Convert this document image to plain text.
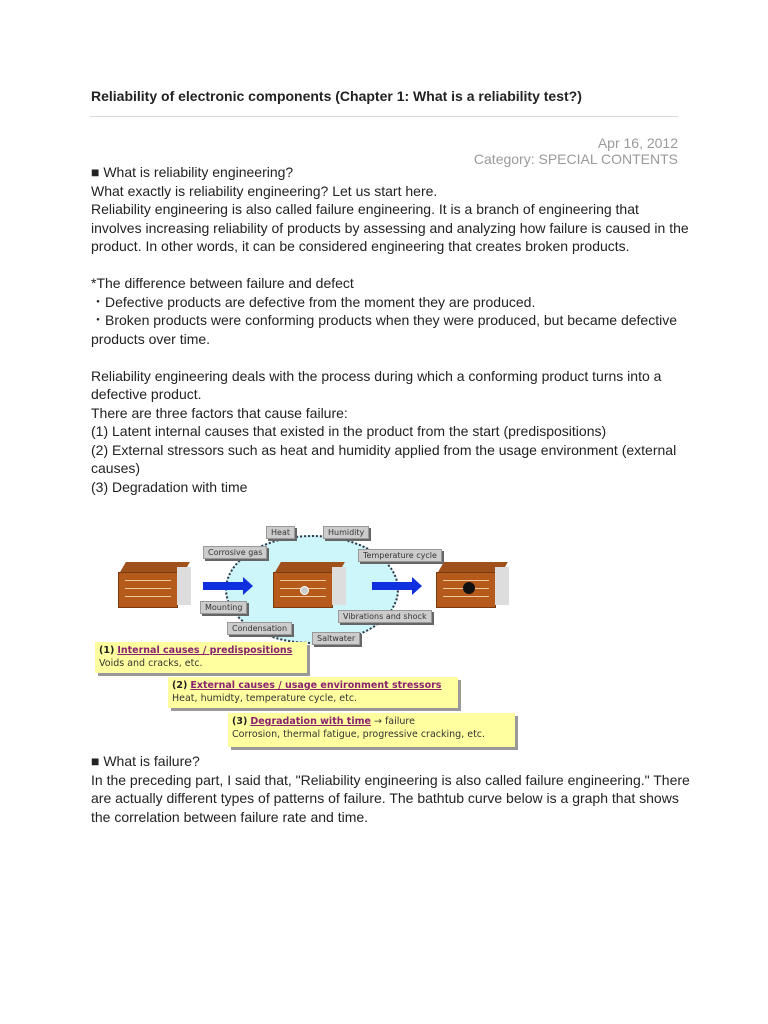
Reliability of electronic components (Chapter 1: What is a reliability test?)
Apr 16, 2012
Category: SPECIAL CONTENTS

■ What is reliability engineering?

What exactly is reliability engineering? Let us start here.

Reliability engineering is also called failure engineering. It is a branch of engineering that involves increasing reliability of products by assessing and analyzing how failure is caused in the product. In other words, it can be considered engineering that creates broken products.

*The difference between failure and defect

・Defective products are defective from the moment they are produced.

・Broken products were conforming products when they were produced, but became defective products over time.

Reliability engineering deals with the process during which a conforming product turns into a defective product.

There are three factors that cause failure:

(1) Latent internal causes that existed in the product from the start (predispositions)

(2) External stressors such as heat and humidity applied from the usage environment (external causes)

(3) Degradation with time

Heat	Humidity
Corrosive gas	Temperature cycle
Mounting
Condensation
Saltwater
Vibrations and shock
(1) Internal causes / predispositions
Voids and cracks, etc.
(2) External causes / usage environment stressors
Heat, humidty, temperature cycle, etc.
(3) Degradation with time → failure
Corrosion, thermal fatigue, progressive cracking, etc.

■ What is failure?

In the preceding part, I said that, "Reliability engineering is also called failure engineering." There are actually different types of patterns of failure. The bathtub curve below is a graph that shows the correlation between failure rate and time.
